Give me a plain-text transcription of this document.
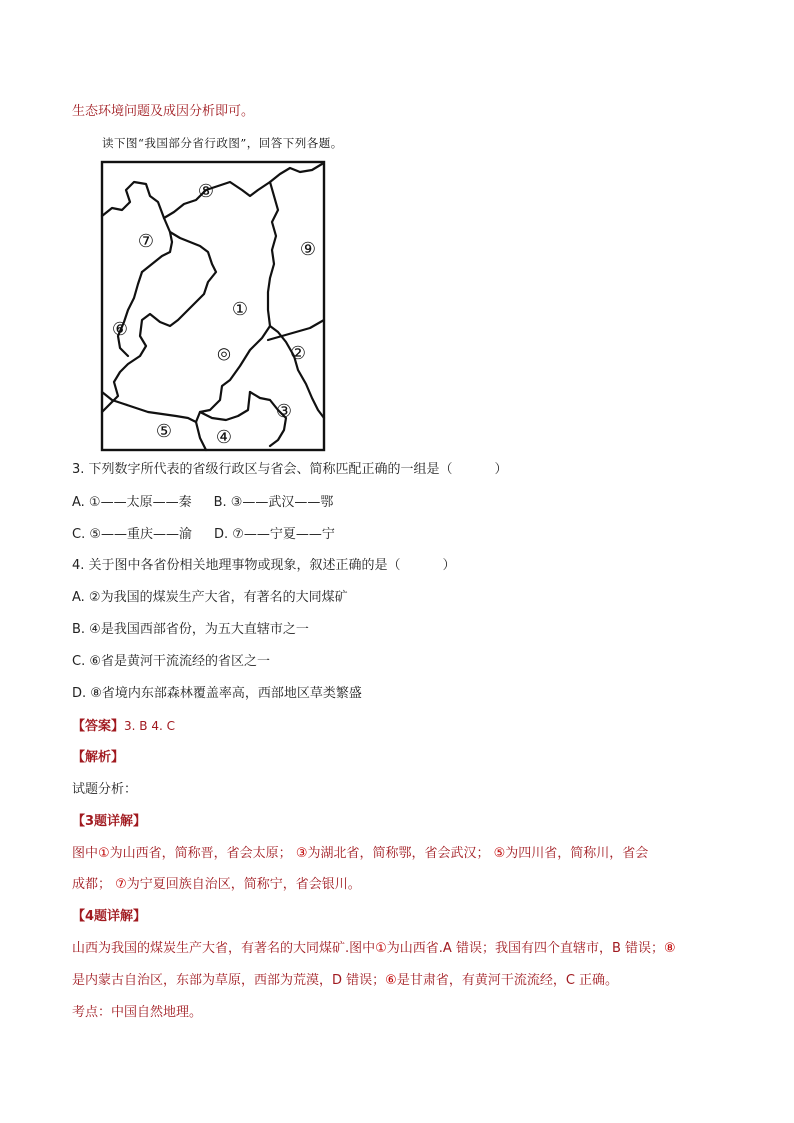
生态环境问题及成因分析即可。
读下图“我国部分省行政图”，回答下列各题。
⑧
⑦	⑨
①
⑥
②
◎
③
⑤ ④
3. 下列数字所代表的省级行政区与省会、简称匹配正确的一组是（	）
A. ①——太原——秦 B. ③——武汉——鄂
C. ⑤——重庆——渝 D. ⑦——宁夏——宁
4. 关于图中各省份相关地理事物或现象，叙述正确的是（	）
A. ②为我国的煤炭生产大省，有著名的大同煤矿
B. ④是我国西部省份，为五大直辖市之一
C. ⑥省是黄河干流流经的省区之一
D. ⑧省境内东部森林覆盖率高，西部地区草类繁盛
【答案】3. B 4. C
【解析】
试题分析：
【3题详解】
图中①为山西省，简称晋，省会太原； ③为湖北省，简称鄂，省会武汉； ⑤为四川省，简称川，省会
成都； ⑦为宁夏回族自治区，简称宁，省会银川。
【4题详解】
山西为我国的煤炭生产大省，有著名的大同煤矿.图中①为山西省.A 错误；我国有四个直辖市，B 错误；⑧
是内蒙古自治区，东部为草原，西部为荒漠，D 错误；⑥是甘肃省，有黄河干流流经，C 正确。
考点：中国自然地理。
